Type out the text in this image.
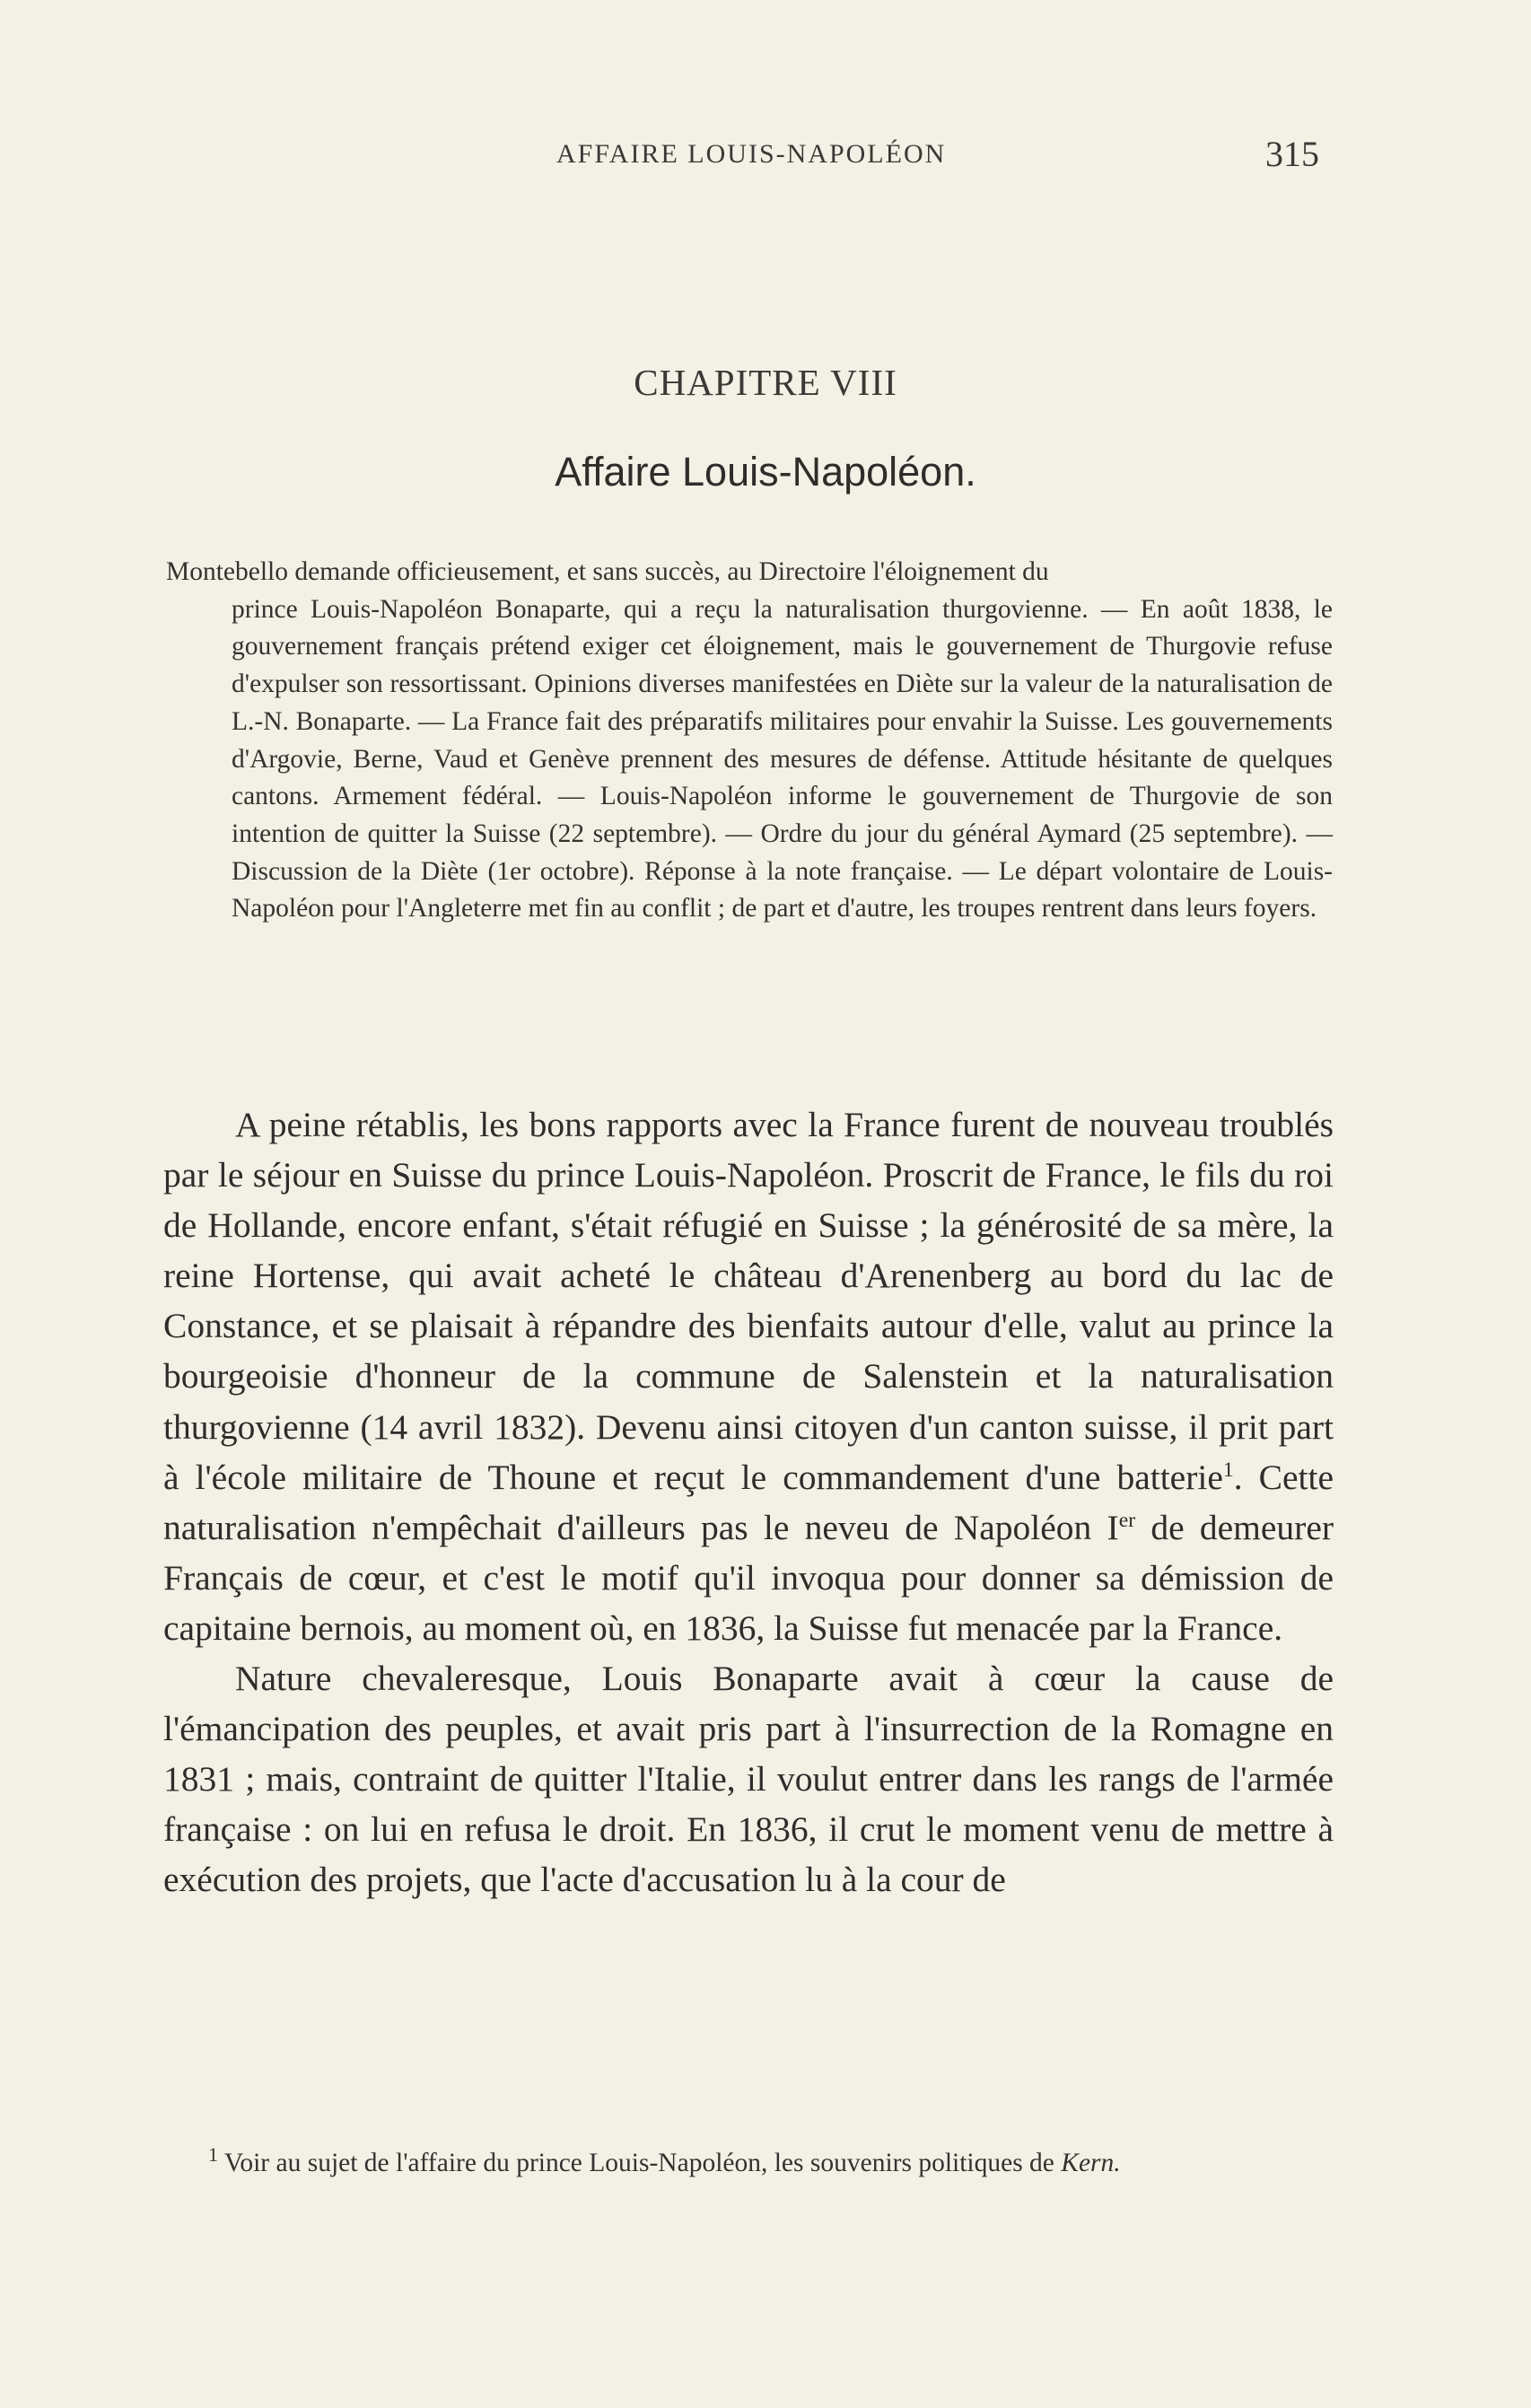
AFFAIRE LOUIS-NAPOLÉON	315
CHAPITRE VIII
Affaire Louis-Napoléon.
Montebello demande officieusement, et sans succès, au Directoire l'éloignement du
prince Louis-Napoléon Bonaparte, qui a reçu la naturalisation thurgovienne. — En août 1838, le gouvernement français prétend exiger cet éloignement, mais le gouvernement de Thurgovie refuse d'expulser son ressortissant. Opinions diverses manifestées en Diète sur la valeur de la naturalisation de L.-N. Bonaparte. — La France fait des préparatifs militaires pour envahir la Suisse. Les gouvernements d'Argovie, Berne, Vaud et Genève prennent des mesures de défense. Attitude hésitante de quelques cantons. Armement fédéral. — Louis-Napoléon informe le gouvernement de Thurgovie de son intention de quitter la Suisse (22 septembre). — Ordre du jour du général Aymard (25 septembre). — Discussion de la Diète (1er octobre). Réponse à la note française. — Le départ volontaire de Louis-Napoléon pour l'Angleterre met fin au conflit ; de part et d'autre, les troupes rentrent dans leurs foyers.

A peine rétablis, les bons rapports avec la France furent de nouveau troublés par le séjour en Suisse du prince Louis-Napoléon. Proscrit de France, le fils du roi de Hollande, encore enfant, s'était réfugié en Suisse ; la générosité de sa mère, la reine Hortense, qui avait acheté le château d'Arenenberg au bord du lac de Constance, et se plaisait à répandre des bienfaits autour d'elle, valut au prince la bourgeoisie d'honneur de la commune de Salenstein et la naturalisation thurgovienne (14 avril 1832). Devenu ainsi citoyen d'un canton suisse, il prit part à l'école militaire de Thoune et reçut le commandement d'une batterie$^1$. Cette naturalisation n'empêchait d'ailleurs pas le neveu de Napoléon Ier de demeurer Français de cœur, et c'est le motif qu'il invoqua pour donner sa démission de capitaine bernois, au moment où, en 1836, la Suisse fut menacée par la France.

Nature chevaleresque, Louis Bonaparte avait à cœur la cause de l'émancipation des peuples, et avait pris part à l'insurrection de la Romagne en 1831 ; mais, contraint de quitter l'Italie, il voulut entrer dans les rangs de l'armée française : on lui en refusa le droit. En 1836, il crut le moment venu de mettre à exécution des projets, que l'acte d'accusation lu à la cour de

$^1$ Voir au sujet de l'affaire du prince Louis-Napoléon, les souvenirs politiques de Kern.
